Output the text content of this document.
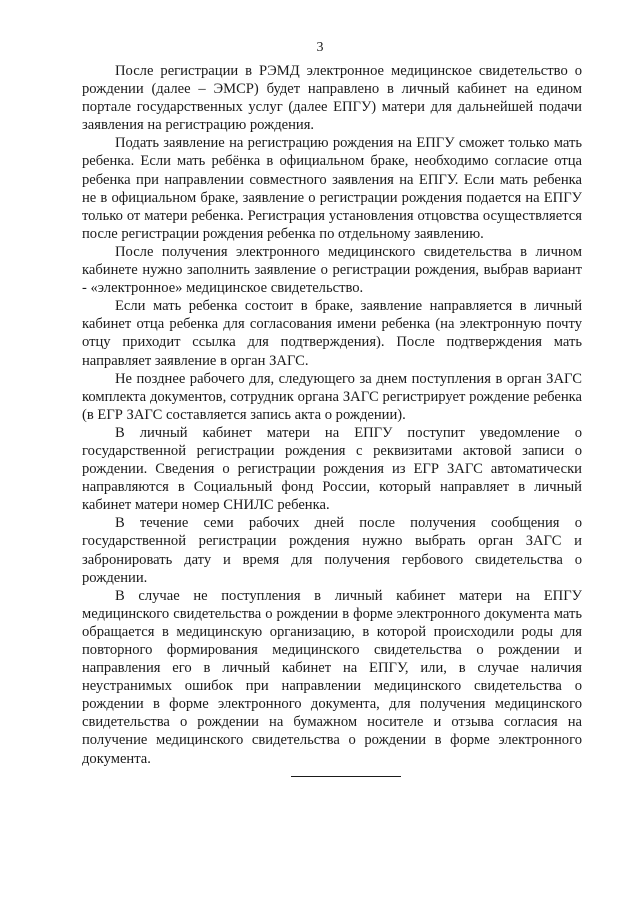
3

После регистрации в РЭМД электронное медицинское свидетельство о рождении (далее – ЭМСР) будет направлено в личный кабинет на едином портале государственных услуг (далее ЕПГУ) матери для дальнейшей подачи заявления на регистрацию рождения.

Подать заявление на регистрацию рождения на ЕПГУ сможет только мать ребенка. Если мать ребёнка в официальном браке, необходимо согласие отца ребенка при направлении совместного заявления на ЕПГУ. Если мать ребенка не в официальном браке, заявление о регистрации рождения подается на ЕПГУ только от матери ребенка. Регистрация установления отцовства осуществляется после регистрации рождения ребенка по отдельному заявлению.

После получения электронного медицинского свидетельства в личном кабинете нужно заполнить заявление о регистрации рождения, выбрав вариант - «электронное» медицинское свидетельство.

Если мать ребенка состоит в браке, заявление направляется в личный кабинет отца ребенка для согласования имени ребенка (на электронную почту отцу приходит ссылка для подтверждения). После подтверждения мать направляет заявление в орган ЗАГС.

Не позднее рабочего для, следующего за днем поступления в орган ЗАГС комплекта документов, сотрудник органа ЗАГС регистрирует рождение ребенка (в ЕГР ЗАГС составляется запись акта о рождении).

В личный кабинет матери на ЕПГУ поступит уведомление о государственной регистрации рождения с реквизитами актовой записи о рождении. Сведения о регистрации рождения из ЕГР ЗАГС автоматически направляются в Социальный фонд России, который направляет в личный кабинет матери номер СНИЛС ребенка.

В течение семи рабочих дней после получения сообщения о государственной регистрации рождения нужно выбрать орган ЗАГС и забронировать дату и время для получения гербового свидетельства о рождении.

В случае не поступления в личный кабинет матери на ЕПГУ медицинского свидетельства о рождении в форме электронного документа мать обращается в медицинскую организацию, в которой происходили роды для повторного формирования медицинского свидетельства о рождении и направления его в личный кабинет на ЕПГУ, или, в случае наличия неустранимых ошибок при направлении медицинского свидетельства о рождении в форме электронного документа, для получения медицинского свидетельства о рождении на бумажном носителе и отзыва согласия на получение медицинского свидетельства о рождении в форме электронного документа.
